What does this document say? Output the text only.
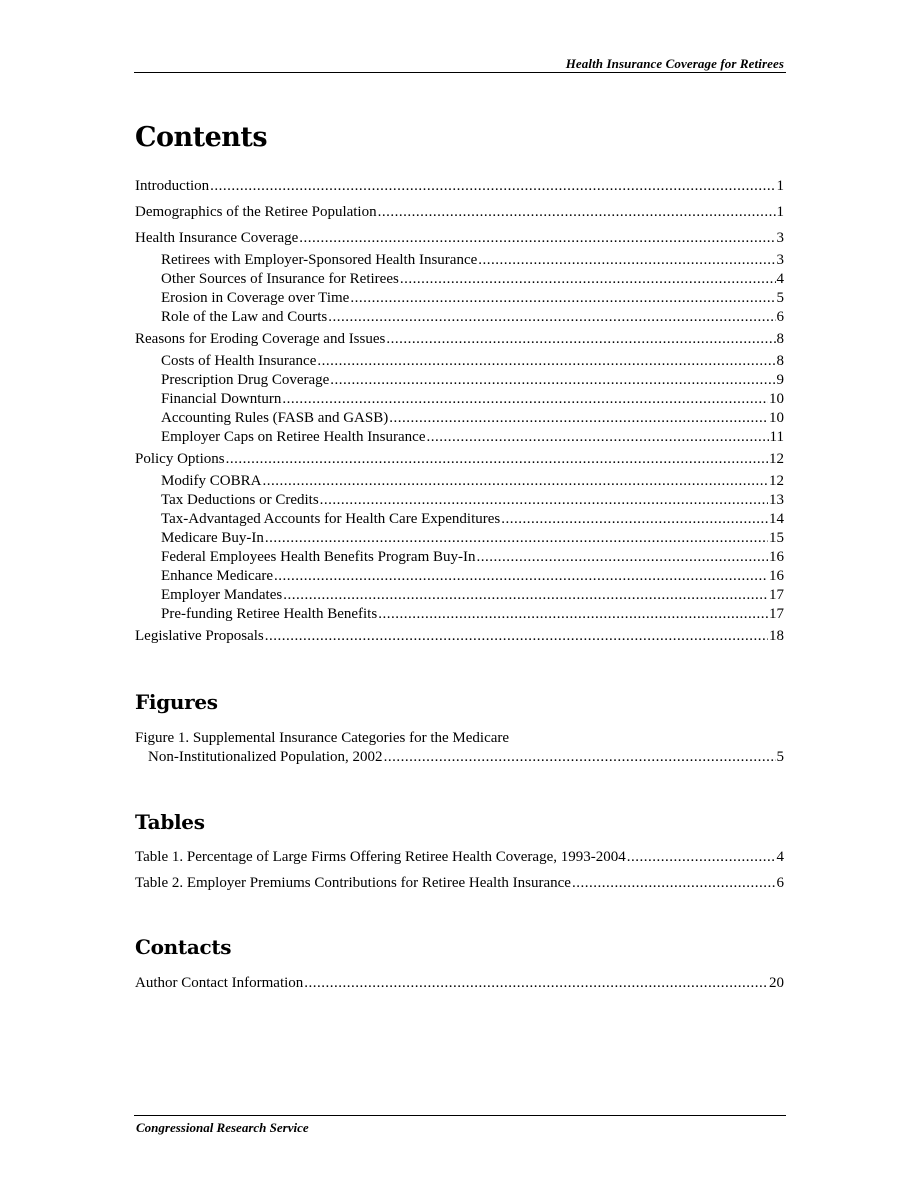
Health Insurance Coverage for Retirees
Contents
Introduction .....	1
Demographics of the Retiree Population .....	1
Health Insurance Coverage .....	3
Retirees with Employer-Sponsored Health Insurance .....	3
Other Sources of Insurance for Retirees .....	4
Erosion in Coverage over Time .....	5
Role of the Law and Courts .....	6
Reasons for Eroding Coverage and Issues .....	8
Costs of Health Insurance .....	8
Prescription Drug Coverage .....	9
Financial Downturn .....	10
Accounting Rules (FASB and GASB) .....	10
Employer Caps on Retiree Health Insurance .....	11
Policy Options .....	12
Modify COBRA .....	12
Tax Deductions or Credits .....	13
Tax-Advantaged Accounts for Health Care Expenditures .....	14
Medicare Buy-In .....	15
Federal Employees Health Benefits Program Buy-In .....	16
Enhance Medicare .....	16
Employer Mandates .....	17
Pre-funding Retiree Health Benefits .....	17
Legislative Proposals .....	18
Figures
Figure 1. Supplemental Insurance Categories for the Medicare
Non-Institutionalized Population, 2002 .....	5
Tables
Table 1. Percentage of Large Firms Offering Retiree Health Coverage, 1993-2004 .....	4
Table 2. Employer Premiums Contributions for Retiree Health Insurance .....	6
Contacts
Author Contact Information .....	20
Congressional Research Service
